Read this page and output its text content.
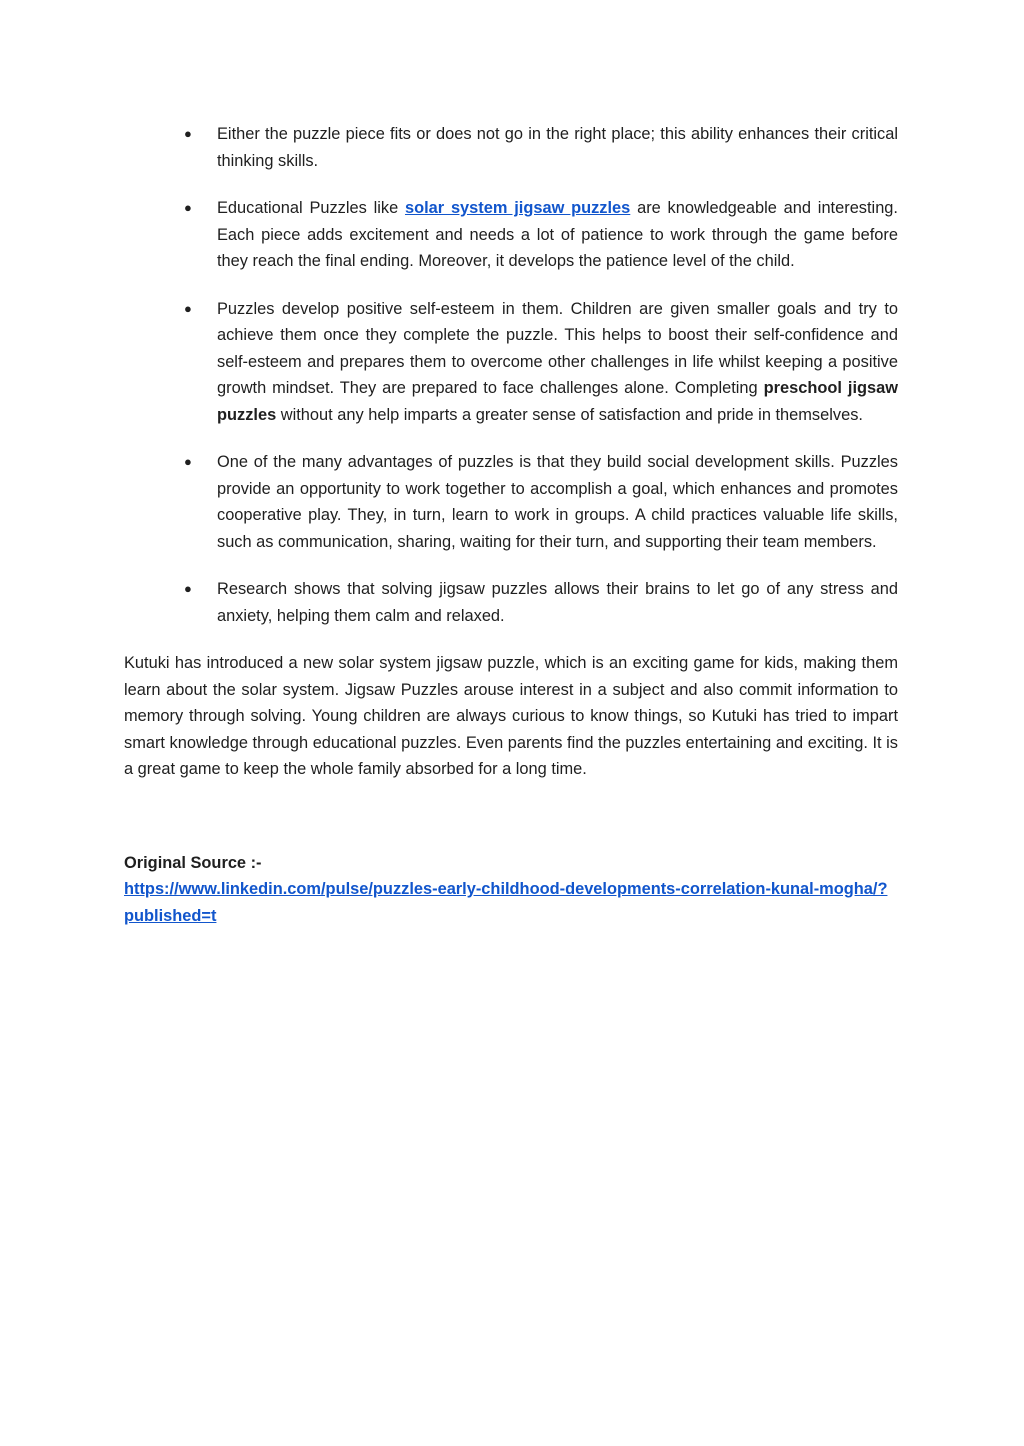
● Either the puzzle piece fits or does not go in the right place; this ability enhances their critical thinking skills.
● Educational Puzzles like solar system jigsaw puzzles are knowledgeable and interesting. Each piece adds excitement and needs a lot of patience to work through the game before they reach the final ending. Moreover, it develops the patience level of the child.
● Puzzles develop positive self-esteem in them. Children are given smaller goals and try to achieve them once they complete the puzzle. This helps to boost their self-confidence and self-esteem and prepares them to overcome other challenges in life whilst keeping a positive growth mindset. They are prepared to face challenges alone. Completing preschool jigsaw puzzles without any help imparts a greater sense of satisfaction and pride in themselves.
● One of the many advantages of puzzles is that they build social development skills. Puzzles provide an opportunity to work together to accomplish a goal, which enhances and promotes cooperative play. They, in turn, learn to work in groups. A child practices valuable life skills, such as communication, sharing, waiting for their turn, and supporting their team members.
● Research shows that solving jigsaw puzzles allows their brains to let go of any stress and anxiety, helping them calm and relaxed.

Kutuki has introduced a new solar system jigsaw puzzle, which is an exciting game for kids, making them learn about the solar system. Jigsaw Puzzles arouse interest in a subject and also commit information to memory through solving. Young children are always curious to know things, so Kutuki has tried to impart smart knowledge through educational puzzles. Even parents find the puzzles entertaining and exciting. It is a great game to keep the whole family absorbed for a long time.

Original Source :-
https://www.linkedin.com/pulse/puzzles-early-childhood-developments-correlation-kunal-mogha/?published=t
